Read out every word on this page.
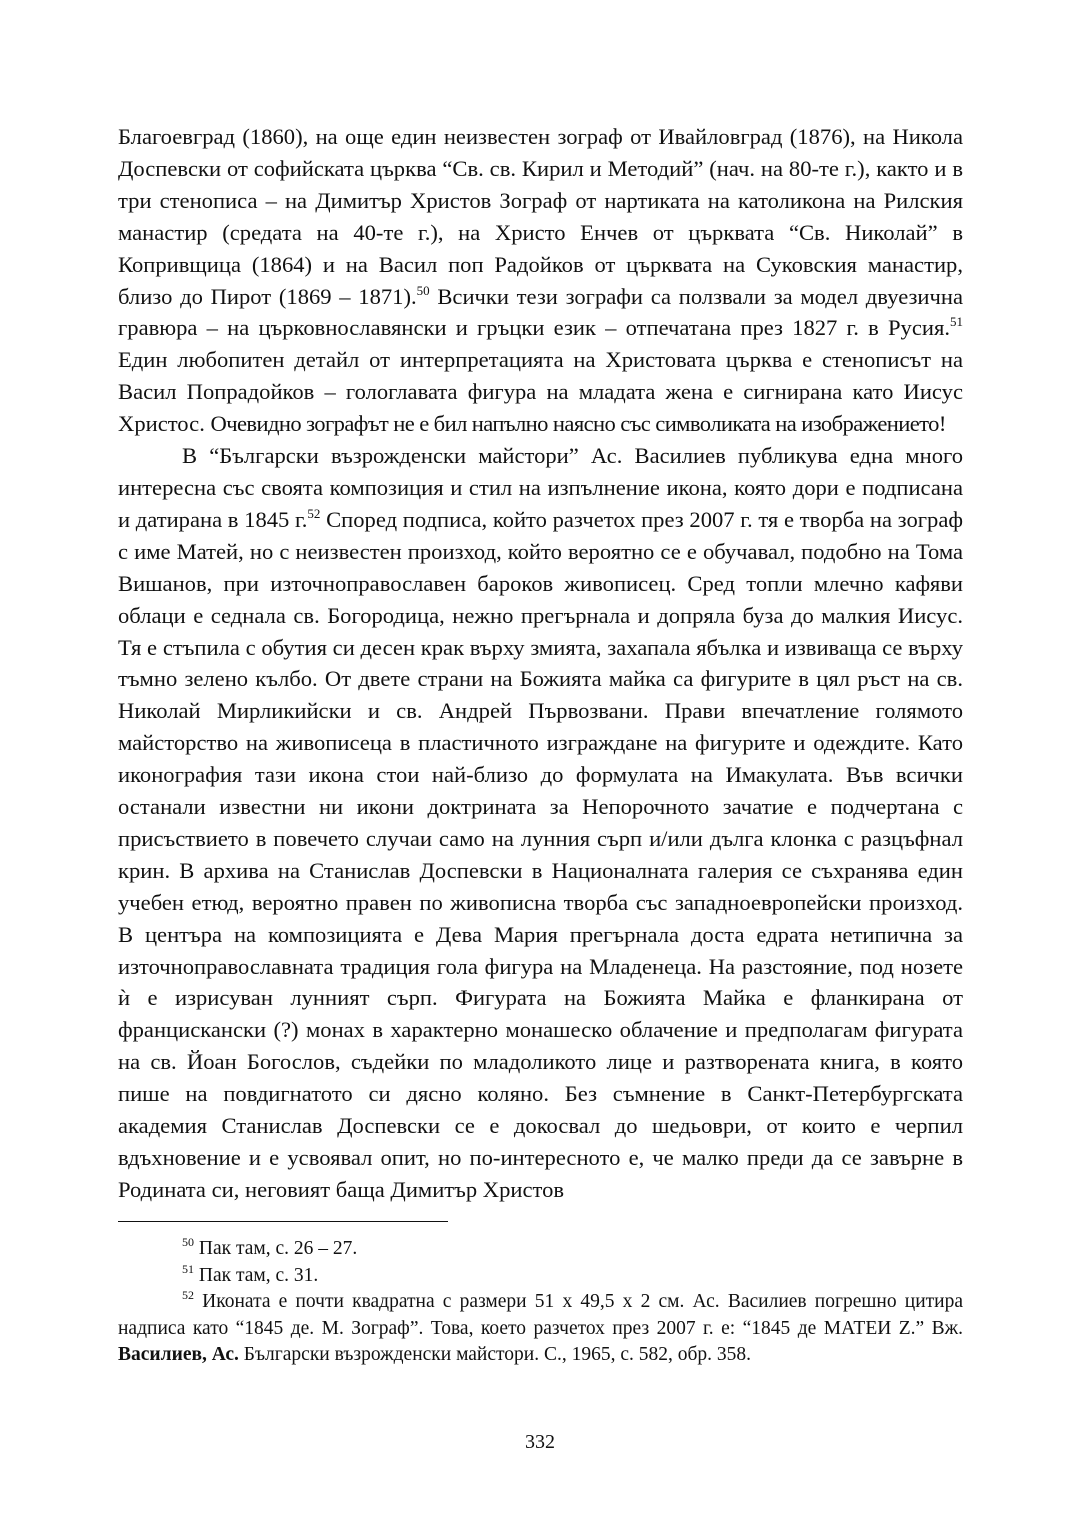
Благоевград (1860), на още един неизвестен зограф от Ивайловград (1876), на Никола Доспевски от софийската църква “Св. св. Кирил и Методий” (нач. на 80-те г.), както и в три стенописа – на Димитър Христов Зограф от нартиката на католикона на Рилския манастир (средата на 40-те г.), на Христо Енчев от църквата “Св. Николай” в Копривщица (1864) и на Васил поп Радойков от църквата на Суковския манастир, близо до Пирот (1869 – 1871).$^{50}$ Всички тези зографи са ползвали за модел двуезична гравюра – на църковнославянски и гръцки език – отпечатана през 1827 г. в Русия.$^{51}$ Един любопитен детайл от интерпретацията на Христовата църква е стенописът на Васил Попрадойков – гологлавата фигура на младата жена е сигнирана като Иисус Христос. Очевидно зографът не е бил напълно наясно със символиката на изображението!

В “Български възрожденски майстори” Ас. Василиев публикува една много интересна със своята композиция и стил на изпълнение икона, която дори е подписана и датирана в 1845 г.$^{52}$ Според подписа, който разчетох през 2007 г. тя е творба на зограф с име Матей, но с неизвестен произход, който вероятно се е обучавал, подобно на Тома Вишанов, при източноправославен бароков живописец. Сред топли млечно кафяви облаци е седнала св. Богородица, нежно прегърнала и допряла буза до малкия Иисус. Тя е стъпила с обутия си десен крак върху змията, захапала ябълка и извиваща се върху тъмно зелено кълбо. От двете страни на Божията майка са фигурите в цял ръст на св. Николай Мирликийски и св. Андрей Първозвани. Прави впечатление голямото майсторство на живописеца в пластичното изграждане на фигурите и одеждите. Като иконография тази икона стои най-близо до формулата на Имакулата. Във всички останали известни ни икони доктрината за Непорочното зачатие е подчертана с присъствието в повечето случаи само на лунния сърп и/или дълга клонка с разцъфнал крин. В архива на Станислав Доспевски в Националната галерия се съхранява един учебен етюд, вероятно правен по живописна творба със западноевропейски произход. В центъра на композицията е Дева Мария прегърнала доста едрата нетипична за източноправославната традиция гола фигура на Младенеца. На разстояние, под нозете ѝ е изрисуван лунният сърп. Фигурата на Божията Майка е фланкирана от францискански (?) монах в характерно монашеско облачение и предполагам фигурата на св. Йоан Богослов, съдейки по младоликото лице и разтворената книга, в която пише на повдигнатото си дясно коляно. Без съмнение в Санкт-Петербургската академия Станислав Доспевски се е докосвал до шедьоври, от които е черпил вдъхновение и е усвоявал опит, но по-интересното е, че малко преди да се завърне в Родината си, неговият баща Димитър Христов

$^{50}$ Пак там, с. 26 – 27.

$^{51}$ Пак там, с. 31.

$^{52}$ Иконата е почти квадратна с размери 51 х 49,5 х 2 см. Ас. Василиев погрешно цитира надписа като “1845 де. М. Зограф”. Това, което разчетох през 2007 г. е: “1845 де МАТЕИ Z.” Вж. Василиев, Ас. Български възрожденски майстори. С., 1965, с. 582, обр. 358.

332
